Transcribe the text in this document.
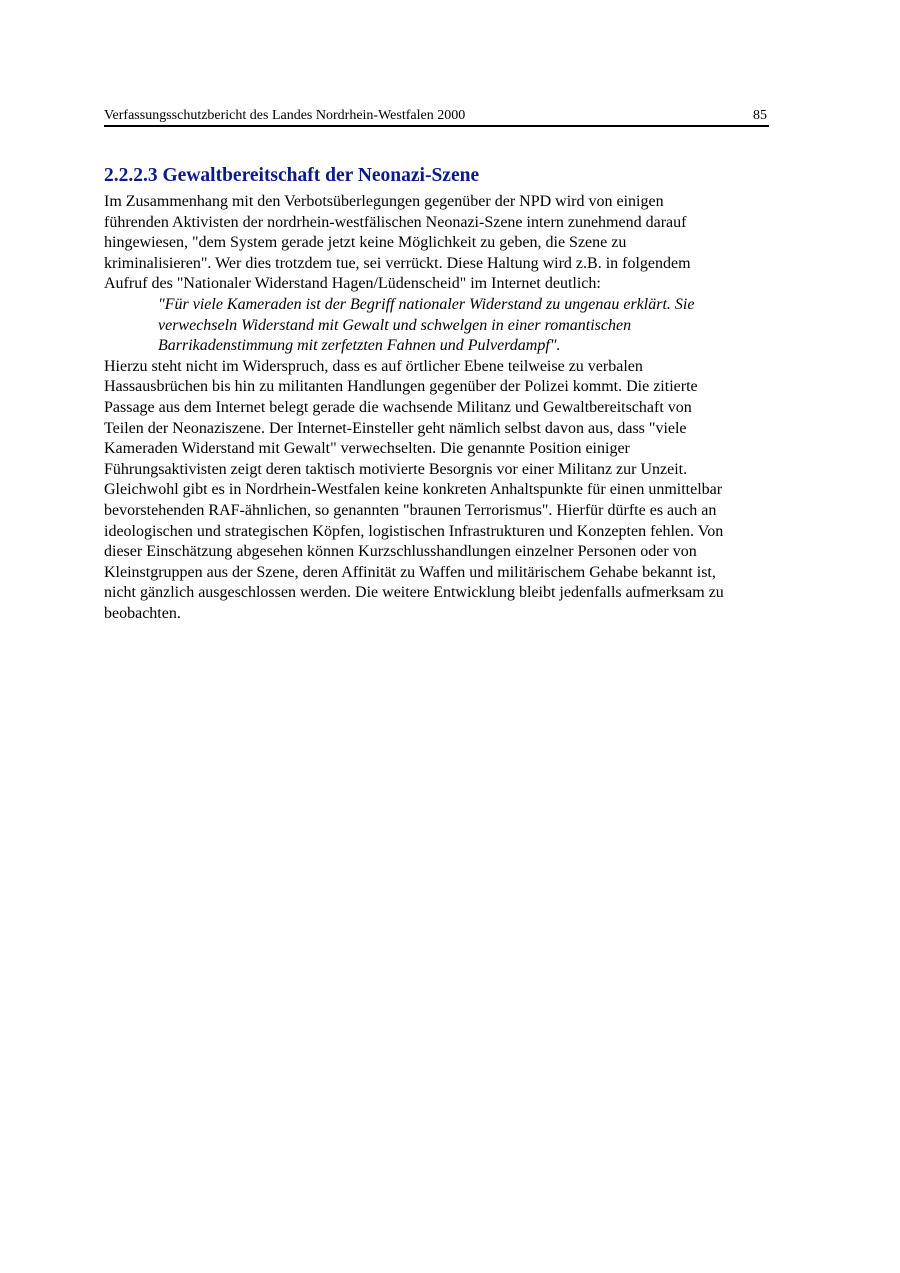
Verfassungsschutzbericht des Landes Nordrhein-Westfalen 2000	85
2.2.2.3 Gewaltbereitschaft der Neonazi-Szene
Im Zusammenhang mit den Verbotsüberlegungen gegenüber der NPD wird von einigen
führenden Aktivisten der nordrhein-westfälischen Neonazi-Szene intern zunehmend darauf
hingewiesen, "dem System gerade jetzt keine Möglichkeit zu geben, die Szene zu
kriminalisieren". Wer dies trotzdem tue, sei verrückt. Diese Haltung wird z.B. in folgendem
Aufruf des "Nationaler Widerstand Hagen/Lüdenscheid" im Internet deutlich:
"Für viele Kameraden ist der Begriff nationaler Widerstand zu ungenau erklärt. Sie
verwechseln Widerstand mit Gewalt und schwelgen in einer romantischen
Barrikadenstimmung mit zerfetzten Fahnen und Pulverdampf".
Hierzu steht nicht im Widerspruch, dass es auf örtlicher Ebene teilweise zu verbalen
Hassausbrüchen bis hin zu militanten Handlungen gegenüber der Polizei kommt. Die zitierte
Passage aus dem Internet belegt gerade die wachsende Militanz und Gewaltbereitschaft von
Teilen der Neonaziszene. Der Internet-Einsteller geht nämlich selbst davon aus, dass "viele
Kameraden Widerstand mit Gewalt" verwechselten. Die genannte Position einiger
Führungsaktivisten zeigt deren taktisch motivierte Besorgnis vor einer Militanz zur Unzeit.
Gleichwohl gibt es in Nordrhein-Westfalen keine konkreten Anhaltspunkte für einen unmittelbar
bevorstehenden RAF-ähnlichen, so genannten "braunen Terrorismus". Hierfür dürfte es auch an
ideologischen und strategischen Köpfen, logistischen Infrastrukturen und Konzepten fehlen. Von
dieser Einschätzung abgesehen können Kurzschlusshandlungen einzelner Personen oder von
Kleinstgruppen aus der Szene, deren Affinität zu Waffen und militärischem Gehabe bekannt ist,
nicht gänzlich ausgeschlossen werden. Die weitere Entwicklung bleibt jedenfalls aufmerksam zu
beobachten.
